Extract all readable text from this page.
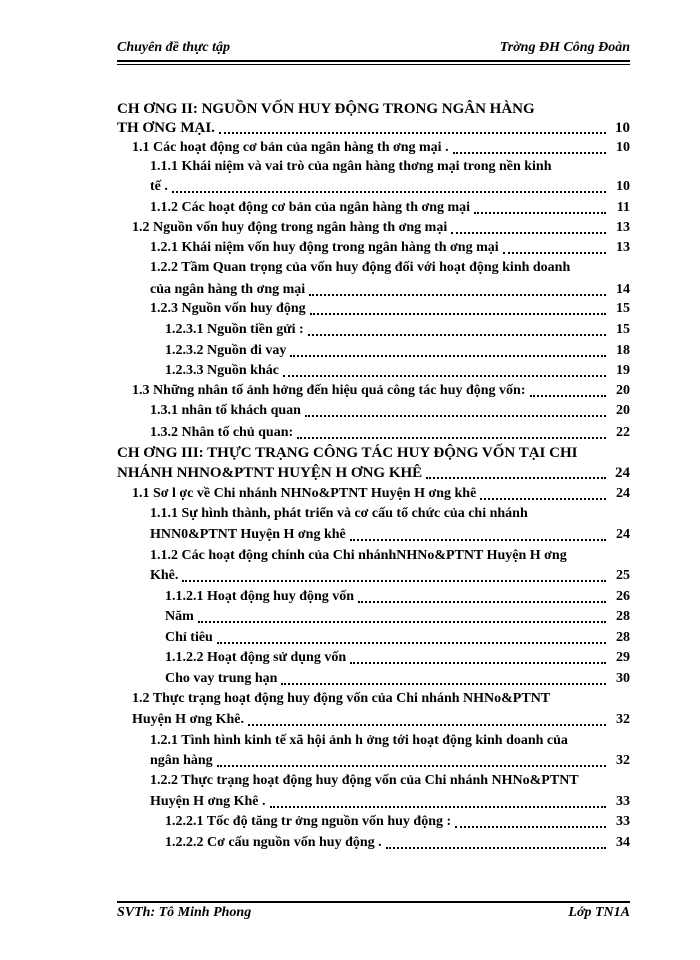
Chuyên đề thực tập	Trờng ĐH Công Đoàn
CH ƠNG II: NGUỒN VỐN HUY ĐỘNG TRONG NGÂN HÀNG
TH ƠNG MẠI.	10
1.1 Các hoạt động cơ bản của ngân hàng th ơng mại .	10
1.1.1 Khái niệm và vai trò của ngân hàng thơng mại trong nền kinh
tế .	10
1.1.2 Các hoạt động cơ bản của ngân hàng th ơng mại	11
1.2 Nguồn vốn huy động trong ngân hàng th ơng mại	13
1.2.1 Khái niệm vốn huy động trong ngân hàng th ơng mại	13
1.2.2 Tầm Quan trọng của vốn huy động đối với hoạt động kinh doanh
của ngân hàng th ơng mại	14
1.2.3 Nguồn vốn huy động	15
1.2.3.1 Nguồn tiền gửi :	15
1.2.3.2 Nguồn đi vay	18
1.2.3.3 Nguồn khác	19
1.3 Những nhân tố ảnh hởng đến hiệu quả công tác huy động vốn:	20
1.3.1 nhân tố khách quan	20
1.3.2 Nhân tố chủ quan:	22
CH ƠNG III: THỰC TRẠNG CÔNG TÁC HUY ĐỘNG VỐN TẠI CHI
NHÁNH NHNO&PTNT HUYỆN H ƠNG KHÊ	24
1.1 Sơ l ợc về Chi nhánh NHNo&PTNT Huyện H ơng khê	24
1.1.1 Sự hình thành, phát triển và cơ cấu tổ chức của chi nhánh
HNN0&PTNT Huyện H ơng khê	24
1.1.2 Các hoạt động chính của Chi nhánhNHNo&PTNT Huyện H ơng
Khê.	25
1.1.2.1 Hoạt động huy động vốn	26
Năm	28
Chỉ tiêu	28
1.1.2.2 Hoạt động sử dụng vốn	29
Cho vay trung hạn	30
1.2 Thực trạng hoạt động huy động vốn của Chi nhánh NHNo&PTNT
Huyện H ơng Khê.	32
1.2.1 Tình hình kinh tế xã hội ảnh h ởng tới hoạt động kinh doanh của
ngân hàng	32
1.2.2 Thực trạng hoạt động huy động vốn của Chi nhánh NHNo&PTNT
Huyện H ơng Khê .	33
1.2.2.1 Tốc độ tăng tr ởng nguồn vốn huy động :	33
1.2.2.2 Cơ cấu nguồn vốn huy động .	34
SVTh: Tô Minh Phong	Lớp TN1A
